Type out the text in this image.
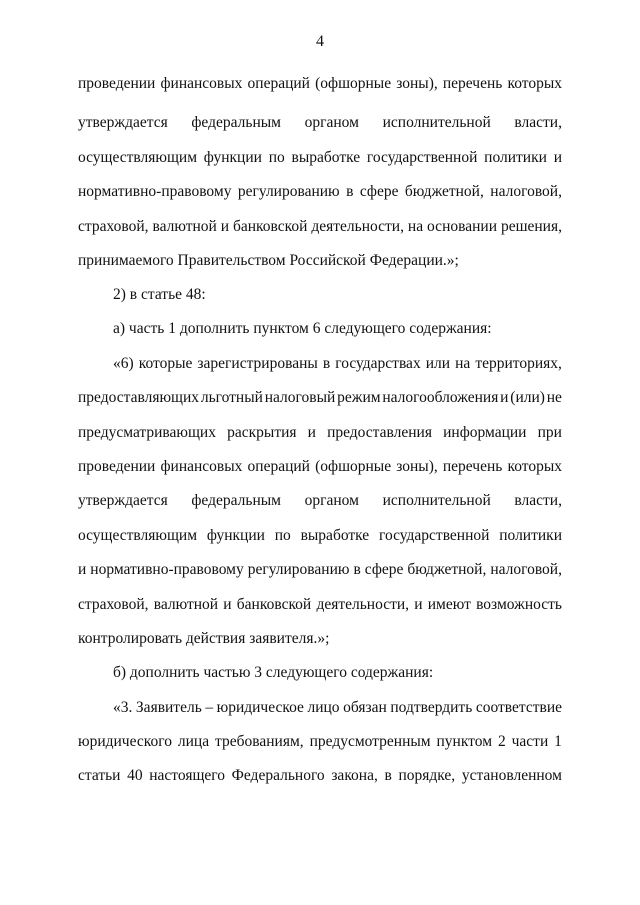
4
проведении финансовых операций (офшорные зоны), перечень которых
утверждается федеральным органом исполнительной власти,
осуществляющим функции по выработке государственной политики и
нормативно-правовому регулированию в сфере бюджетной, налоговой,
страховой, валютной и банковской деятельности, на основании решения,
принимаемого Правительством Российской Федерации.»;
2) в статье 48:
а) часть 1 дополнить пунктом 6 следующего содержания:
«6) которые зарегистрированы в государствах или на территориях,
предоставляющих льготный налоговый режим налогообложения и (или) не
предусматривающих раскрытия и предоставления информации при
проведении финансовых операций (офшорные зоны), перечень которых
утверждается федеральным органом исполнительной власти,
осуществляющим функции по выработке государственной политики
и нормативно-правовому регулированию в сфере бюджетной, налоговой,
страховой, валютной и банковской деятельности, и имеют возможность
контролировать действия заявителя.»;
б) дополнить частью 3 следующего содержания:
«3. Заявитель – юридическое лицо обязан подтвердить соответствие
юридического лица требованиям, предусмотренным пунктом 2 части 1
статьи 40 настоящего Федерального закона, в порядке, установленном
